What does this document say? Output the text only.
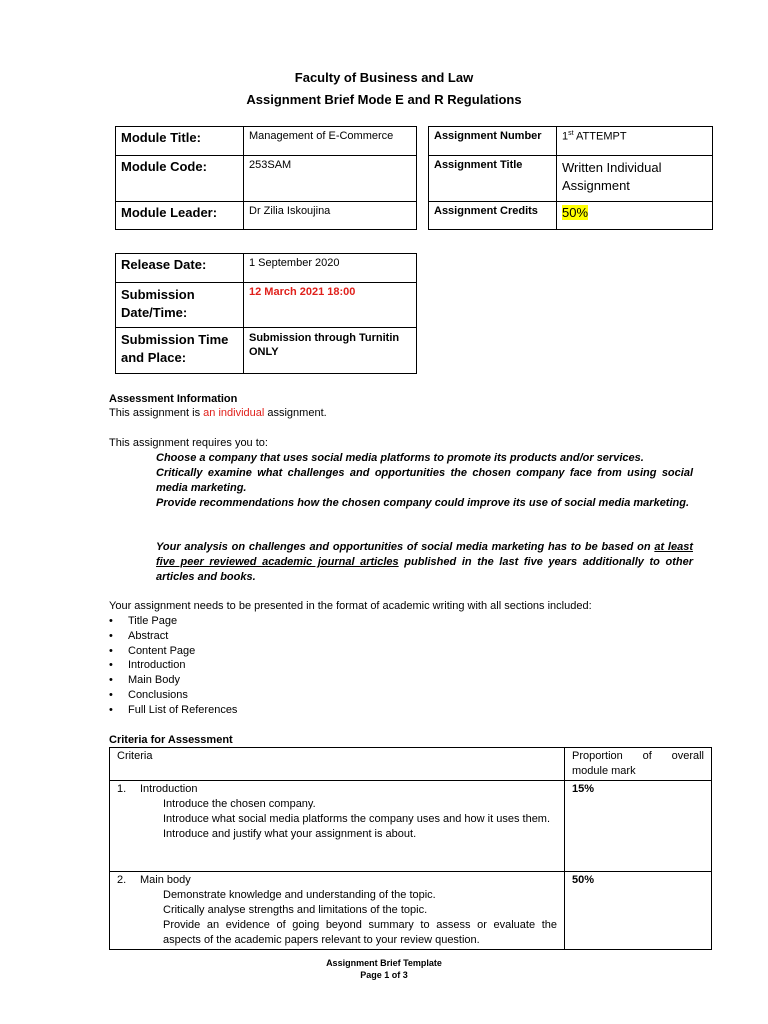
Faculty of Business and Law
Assignment Brief Mode E and R Regulations
Module Title:	Management of E-Commerce
Module Code:	253SAM
Module Leader:	Dr Zilia Iskoujina
Assignment Number	1st ATTEMPT
Assignment Title	Written Individual Assignment
Assignment Credits	50%
Release Date:	1 September 2020
Submission Date/Time:	12 March 2021 18:00
Submission Time and Place:	Submission through Turnitin ONLY
Assessment Information
This assignment is an individual assignment.
This assignment requires you to:
Choose a company that uses social media platforms to promote its products and/or services.
Critically examine what challenges and opportunities the chosen company face from using social media marketing.
Provide recommendations how the chosen company could improve its use of social media marketing.
Your analysis on challenges and opportunities of social media marketing has to be based on at least five peer reviewed academic journal articles published in the last five years additionally to other articles and books.
Your assignment needs to be presented in the format of academic writing with all sections included:
• Title Page
• Abstract
• Content Page
• Introduction
• Main Body
• Conclusions
• Full List of References
Criteria for Assessment
Criteria	Proportion of overall module mark

1. Introduction
Introduce the chosen company.
Introduce what social media platforms the company uses and how it uses them.
Introduce and justify what your assignment is about.	15%

2. Main body
Demonstrate knowledge and understanding of the topic.
Critically analyse strengths and limitations of the topic.
Provide an evidence of going beyond summary to assess or evaluate the aspects of the academic papers relevant to your review question.	50%
Assignment Brief Template
Page 1 of 3
